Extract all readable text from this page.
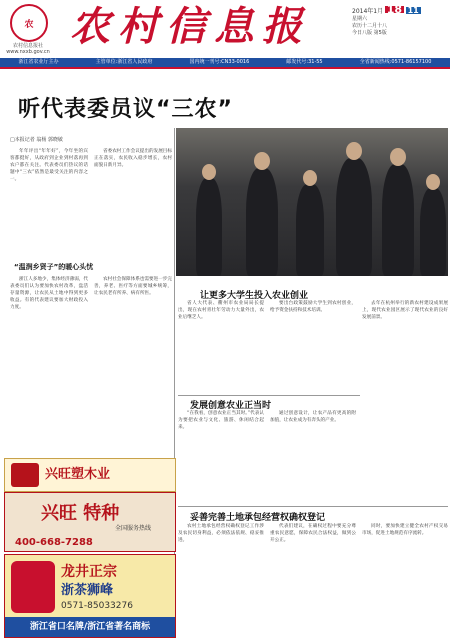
农
农村信息报社 www.nxxb.gov.cn
农村信息报	2014年1月 18 11
星期六
农历十二月十八
今日八版 第5版
浙江省农业厅主办	主管单位:浙江省人民政府	国内统一刊号:CN33-0016	邮发代号:31-55	全省新闻热线:0571-86157100
听代表委员议“三农”
□本报记者 翁杨 郭晓敏

年年评出“年年好”，今年坐的宾客都挺好，从政府到企业到村落再到农户都在关注。代表委员们热议的话题中“三农”依然是最受关注的内容之一。

省委农村工作会议提出的发展目标正在落实，农民收入稳步增长，农村面貌日新月异。

“温润乡贤子”的暖心头忧

浙江人多地少，集体经济薄弱，代表委员们认为要加快农村改革，盘活存量资源，让农民从土地中得到更多收益。有的代表建议要加大财政投入力度。

农村社会保障体系也需要进一步完善，养老、医疗等方面要城乡统筹，让农民老有所养、病有所医。	让更多大学生投入农业创业

省人大代表、衢州市农业局局长提出，现在农村青壮年劳动力大量外出，农业后继乏人。

要出台政策鼓励大学生到农村创业，给予资金扶持和技术培训。

去年在杭州举行的新农村建设成果展上，现代农业园区展示了现代农业的良好发展前景。

发展创意农业正当时

“在我看，创意农业正当其时。”代表认为要把农业与文化、旅游、休闲结合起来。

通过创意设计，让农产品有更高的附加值，让农业成为有奔头的产业。

妥善完善土地承包经营权确权登记

农村土地承包经营权确权登记工作涉及农民切身利益，必须依法依规、稳妥推进。

代表们建议，在确权过程中要充分尊重农民意愿，保障农民合法权益，做到公开公正。

同时，要加快建立健全农村产权交易市场，促进土地规范有序流转。

兴旺塑木业
兴旺 特种
全国服务热线
400-668-7288
龙井正宗
浙茶狮峰
0571-85033276
浙江省口名牌/浙江省著名商标
